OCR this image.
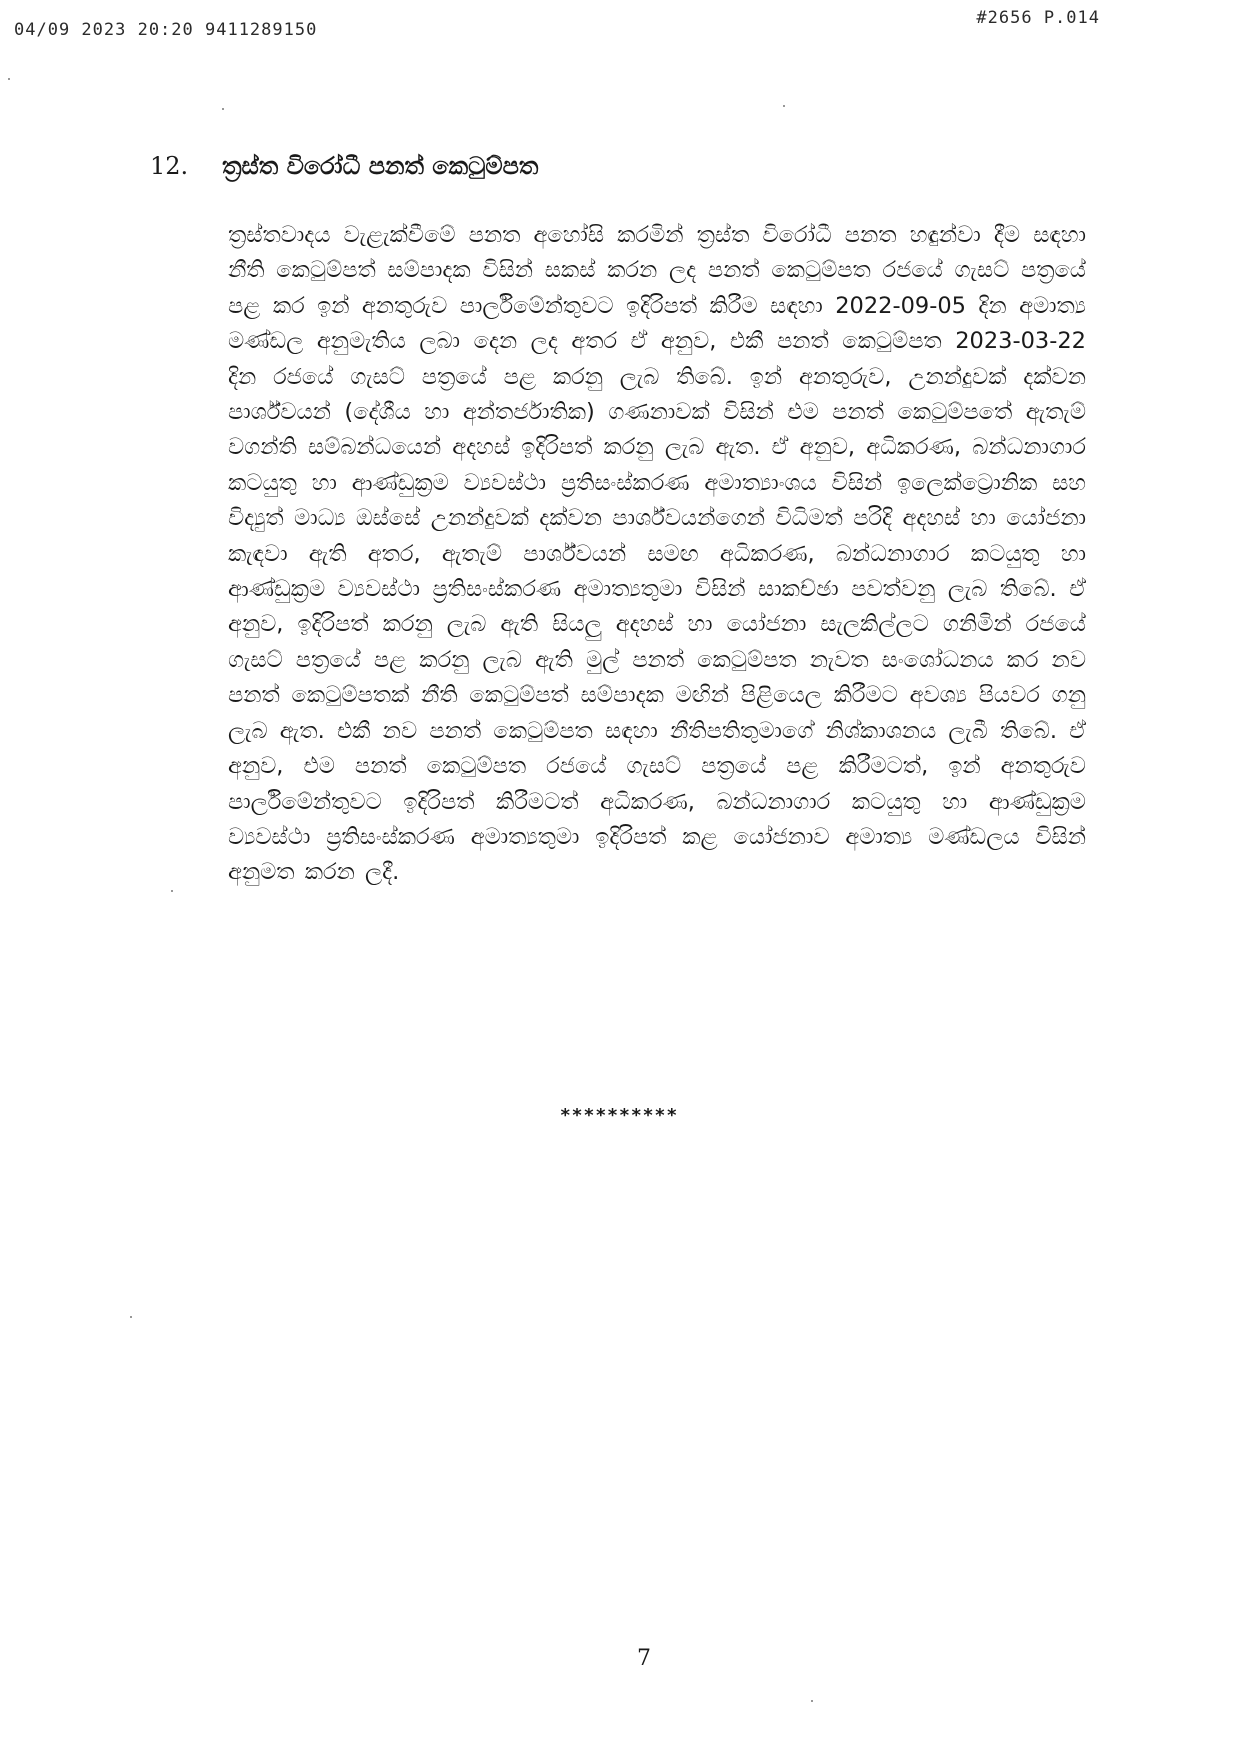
04/09 2023 20:20 9411289150
#2656 P.014
12.	ත්‍රස්ත විරෝධී පනත් කෙටුම්පත

ත්‍රස්තවාදය වැළැක්වීමේ පනත අහෝසි කරමින් ත්‍රස්ත විරෝධී පනත හඳුන්වා දීම සඳහා නීති කෙටුම්පත් සම්පාදක විසින් සකස් කරන ලද පනත් කෙටුම්පත රජයේ ගැසට් පත්‍රයේ පළ කර ඉන් අනතුරුව පාර්ලිමේන්තුවට ඉදිරිපත් කිරීම සඳහා 2022-09-05 දින අමාත්‍ය මණ්ඩල අනුමැතිය ලබා දෙන ලද අතර ඒ අනුව, එකී පනත් කෙටුම්පත 2023-03-22 දින රජයේ ගැසට් පත්‍රයේ පළ කරනු ලැබ තිබේ. ඉන් අනතුරුව, උනන්දුවක් දක්වන පාර්ශ්වයන් (දේශීය හා අන්තර්ජාතික) ගණනාවක් විසින් එම පනත් කෙටුම්පතේ ඇතැම් වගන්ති සම්බන්ධයෙන් අදහස් ඉදිරිපත් කරනු ලැබ ඇත. ඒ අනුව, අධිකරණ, බන්ධනාගාර කටයුතු හා ආණ්ඩුක්‍රම ව්‍යවස්ථා ප්‍රතිසංස්කරණ අමාත්‍යාංශය විසින් ඉලෙක්ට්‍රොනික සහ විද්‍යුත් මාධ්‍ය ඔස්සේ උනන්දුවක් දක්වන පාර්ශ්වයන්ගෙන් විධිමත් පරිදි අදහස් හා යෝජනා කැඳවා ඇති අතර, ඇතැම් පාර්ශ්වයන් සමඟ අධිකරණ, බන්ධනාගාර කටයුතු හා ආණ්ඩුක්‍රම ව්‍යවස්ථා ප්‍රතිසංස්කරණ අමාත්‍යතුමා විසින් සාකච්ඡා පවත්වනු ලැබ තිබේ. ඒ අනුව, ඉදිරිපත් කරනු ලැබ ඇති සියලු අදහස් හා යෝජනා සැලකිල්ලට ගනිමින් රජයේ ගැසට් පත්‍රයේ පළ කරනු ලැබ ඇති මුල් පනත් කෙටුම්පත නැවත සංශෝධනය කර නව පනත් කෙටුම්පතක් නීති කෙටුම්පත් සම්පාදක මඟින් පිළියෙල කිරීමට අවශ්‍ය පියවර ගනු ලැබ ඇත. එකී නව පනත් කෙටුම්පත සඳහා නීතිපතිතුමාගේ නිශ්කාශනය ලැබී තිබේ. ඒ අනුව, එම පනත් කෙටුම්පත රජයේ ගැසට් පත්‍රයේ පළ කිරීමටත්, ඉන් අනතුරුව පාර්ලිමේන්තුවට ඉදිරිපත් කිරීමටත් අධිකරණ, බන්ධනාගාර කටයුතු හා ආණ්ඩුක්‍රම ව්‍යවස්ථා ප්‍රතිසංස්කරණ අමාත්‍යතුමා ඉදිරිපත් කළ යෝජනාව අමාත්‍ය මණ්ඩලය විසින් අනුමත කරන ලදී.

**********
7
